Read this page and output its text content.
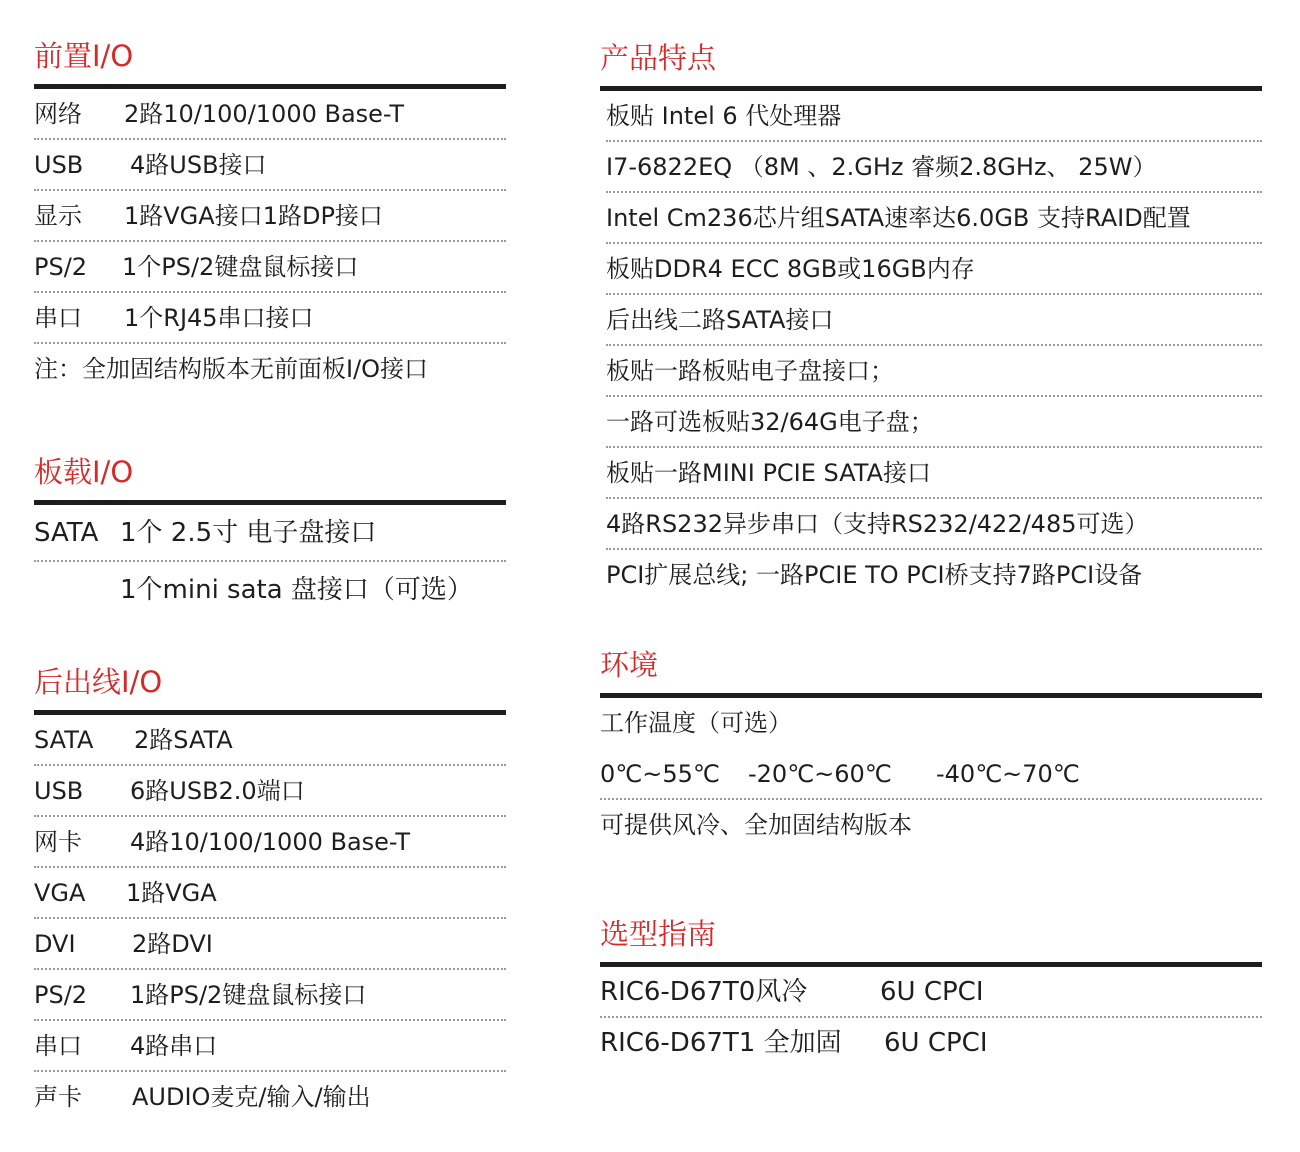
前置I/O
网络 2路10/100/1000 Base-T
USB 4路USB接口
显示 1路VGA接口1路DP接口
PS/2 1个PS/2键盘鼠标接口
串口 1个RJ45串口接口
注：全加固结构版本无前面板I/O接口
板载I/O
SATA 1个 2.5寸 电子盘接口
1个mini sata 盘接口（可选）
后出线I/O
SATA 2路SATA
USB 6路USB2.0端口
网卡 4路10/100/1000 Base-T
VGA 1路VGA
DVI 2路DVI
PS/2 1路PS/2键盘鼠标接口
串口 4路串口
声卡 AUDIO麦克/输入/输出
产品特点
板贴 Intel 6 代处理器
I7-6822EQ （8M 、2.GHz 睿频2.8GHz、 25W）
Intel Cm236芯片组SATA速率达6.0GB 支持RAID配置
板贴DDR4 ECC 8GB或16GB内存
后出线二路SATA接口
板贴一路板贴电子盘接口；
一路可选板贴32/64G电子盘；
板贴一路MINI PCIE SATA接口
4路RS232异步串口（支持RS232/422/485可选）
PCI扩展总线; 一路PCIE TO PCI桥支持7路PCI设备
环境
工作温度（可选）
0℃~55℃ -20℃~60℃ -40℃~70℃
可提供风冷、全加固结构版本
选型指南
RIC6-D67T0风冷	6U CPCI
RIC6-D67T1 全加固 6U CPCI
